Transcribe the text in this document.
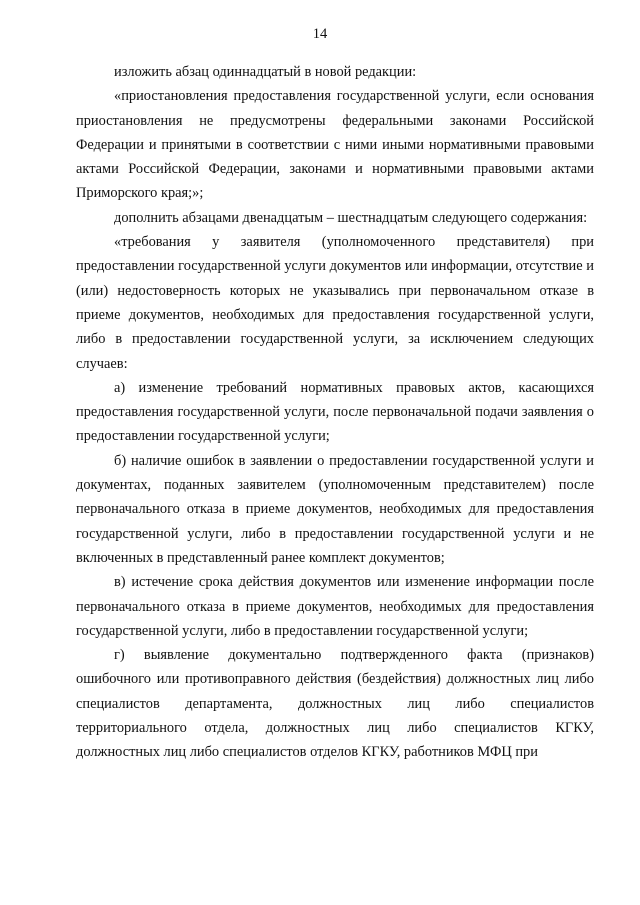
14

изложить абзац одиннадцатый в новой редакции:

«приостановления предоставления государственной услуги, если основания приостановления не предусмотрены федеральными законами Российской Федерации и принятыми в соответствии с ними иными нормативными правовыми актами Российской Федерации, законами и нормативными правовыми актами Приморского края;»;

дополнить абзацами двенадцатым – шестнадцатым следующего содержания:

«требования у заявителя (уполномоченного представителя) при предоставлении государственной услуги документов или информации, отсутствие и (или) недостоверность которых не указывались при первоначальном отказе в приеме документов, необходимых для предоставления государственной услуги, либо в предоставлении государственной услуги, за исключением следующих случаев:

а) изменение требований нормативных правовых актов, касающихся предоставления государственной услуги, после первоначальной подачи заявления о предоставлении государственной услуги;

б) наличие ошибок в заявлении о предоставлении государственной услуги и документах, поданных заявителем (уполномоченным представителем) после первоначального отказа в приеме документов, необходимых для предоставления государственной услуги, либо в предоставлении государственной услуги и не включенных в представленный ранее комплект документов;

в) истечение срока действия документов или изменение информации после первоначального отказа в приеме документов, необходимых для предоставления государственной услуги, либо в предоставлении государственной услуги;

г) выявление документально подтвержденного факта (признаков) ошибочного или противоправного действия (бездействия) должностных лиц либо специалистов департамента, должностных лиц либо специалистов территориального отдела, должностных лиц либо специалистов КГКУ, должностных лиц либо специалистов отделов КГКУ, работников МФЦ при
